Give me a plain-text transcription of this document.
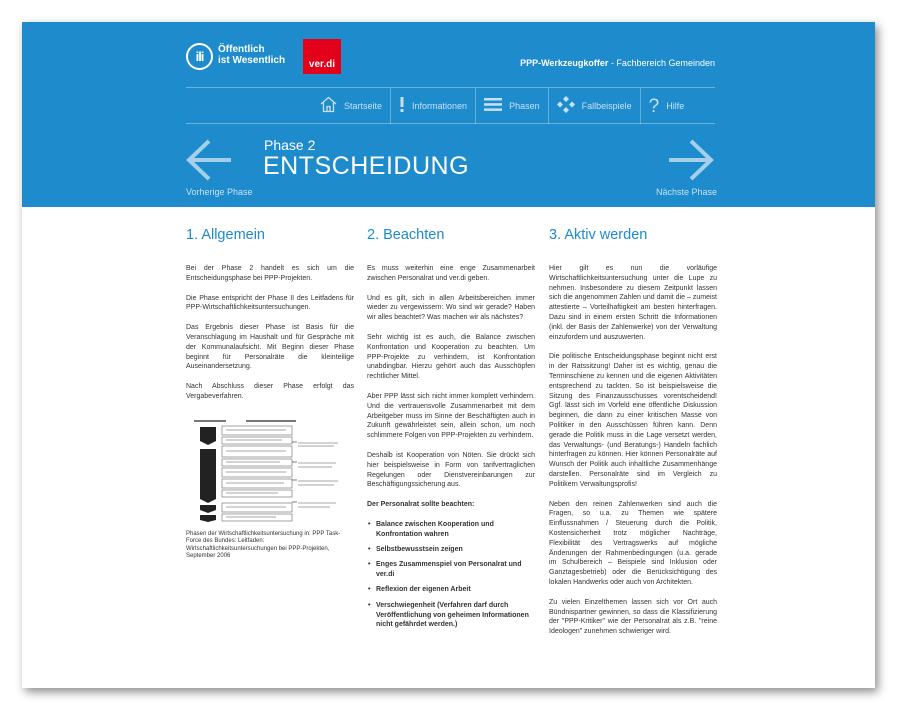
ili Öffentlich
ist Wesentlich ver.di	PPP-Werkzeugkoffer - Fachbereich Gemeinden
Startseite	Informationen	Phasen	Fallbeispiele ? Hilfe
Vorherige Phase
Phase 2
ENTSCHEIDUNG
Nächste Phase
1. Allgemein

Bei der Phase 2 handelt es sich um die Entscheidungsphase bei PPP-Projekten.

Die Phase entspricht der Phase II des Leitfadens für PPP-Wirtschaftlichkeitsuntersuchungen.

Das Ergebnis dieser Phase ist Basis für die Veranschlagung im Haushalt und für Gespräche mit der Kommunalaufsicht. Mit Beginn dieser Phase beginnt für Personalräte die kleinteilige Auseinandersetzung.

Nach Abschluss dieser Phase erfolgt das Vergabeverfahren.

Phasen der Wirtschaftlichkeitsuntersuchung in: PPP Task-Force des Bundes: Leitfaden: Wirtschaftlichkeitsuntersuchungen bei PPP-Projekten, September 2006
2. Beachten

Es muss weiterhin eine enge Zusammenarbeit zwischen Personalrat und ver.di geben.

Und es gilt, sich in allen Arbeitsbereichen immer wieder zu vergewissern: Wo sind wir gerade? Haben wir alles beachtet? Was machen wir als nächstes?

Sehr wichtig ist es auch, die Balance zwischen Konfrontation und Kooperation zu beachten. Um PPP-Projekte zu verhindern, ist Konfrontation unabdingbar. Hierzu gehört auch das Ausschöpfen rechtlicher Mittel.

Aber PPP lässt sich nicht immer komplett verhindern. Und die vertrauensvolle Zusammenarbeit mit dem Arbeitgeber muss im Sinne der Beschäftigten auch in Zukunft gewährleistet sein, allein schon, um noch schlimmere Folgen von PPP-Projekten zu verhindern.

Deshalb ist Kooperation von Nöten. Sie drückt sich hier beispielsweise in Form von tarifvertraglichen Regelungen oder Dienstvereinbarungen zur Beschäftigungssicherung aus.

Der Personalrat sollte beachten:

• Balance zwischen Kooperation und Konfrontation wahren
• Selbstbewusstsein zeigen
• Enges Zusammenspiel von Personalrat und ver.di
• Reflexion der eigenen Arbeit
• Verschwiegenheit (Verfahren darf durch Veröffentlichung von geheimen Informationen nicht gefährdet werden.)
3. Aktiv werden

Hier gilt es nun die vorläufige Wirtschaftlichkeitsuntersuchung unter die Lupe zu nehmen. Insbesondere zu diesem Zeitpunkt lassen sich die angenommen Zahlen und damit die – zumeist attestierte – Vorteilhaftigkeit am besten hinterfragen. Dazu sind in einem ersten Schritt die Informationen (inkl. der Basis der Zahlenwerke) von der Verwaltung einzufordern und auszuwerten.

Die politische Entscheidungsphase beginnt nicht erst in der Ratssitzung! Daher ist es wichtig, genau die Terminschiene zu kennen und die eigenen Aktivitäten entsprechend zu tackten. So ist beispielsweise die Sitzung des Finanzausschusses vorentscheidend! Ggf. lässt sich im Vorfeld eine öffentliche Diskussion beginnen, die dann zu einer kritischen Masse von Politiker in den Ausschüssen führen kann. Denn gerade die Politik muss in die Lage versetzt werden, das Verwaltungs- (und Beratungs-) Handeln fachlich hinterfragen zu können. Hier können Personalräte auf Wunsch der Politik auch inhaltliche Zusammenhänge darstellen. Personalräte sind im Vergleich zu Politikern Verwaltungsprofis!

Neben den reinen Zahlenwerken sind auch die Fragen, so u.a. zu Themen wie spätere Einflussnahmen / Steuerung durch die Politik, Kostensicherheit trotz möglicher Nachträge, Flexibilität des Vertragswerks auf mögliche Änderungen der Rahmenbedingungen (u.a. gerade im Schulbereich – Beispiele sind Inklusion oder Ganztagesbetrieb) oder die Berücksichtigung des lokalen Handwerks oder auch von Architekten.

Zu vielen Einzelthemen lassen sich vor Ort auch Bündnispartner gewinnen, so dass die Klassifizierung der "PPP-Kritiker" wie der Personalrat als z.B. "reine Ideologen" zunehmen schwieriger wird.
